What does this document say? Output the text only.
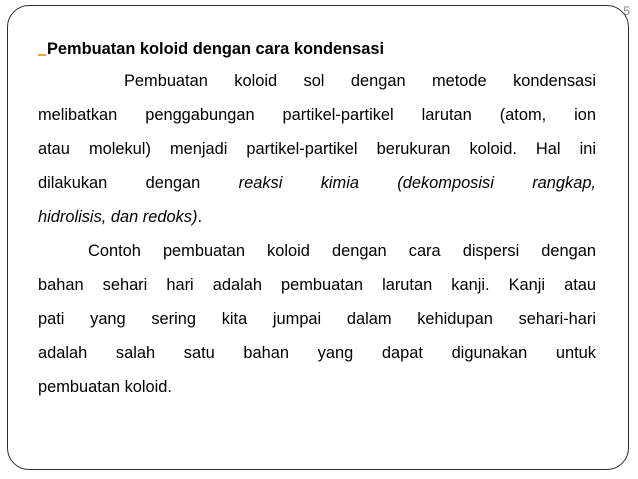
5
Pembuatan koloid dengan cara kondensasi

Pembuatan koloid sol dengan metode kondensasi
melibatkan penggabungan partikel-partikel larutan (atom, ion
atau molekul) menjadi partikel-partikel berukuran koloid. Hal ini
dilakukan dengan reaksi kimia (dekomposisi rangkap,
hidrolisis, dan redoks).

Contoh pembuatan koloid dengan cara dispersi dengan
bahan sehari hari adalah pembuatan larutan kanji. Kanji atau
pati yang sering kita jumpai dalam kehidupan sehari-hari
adalah salah satu bahan yang dapat digunakan untuk
pembuatan koloid.
